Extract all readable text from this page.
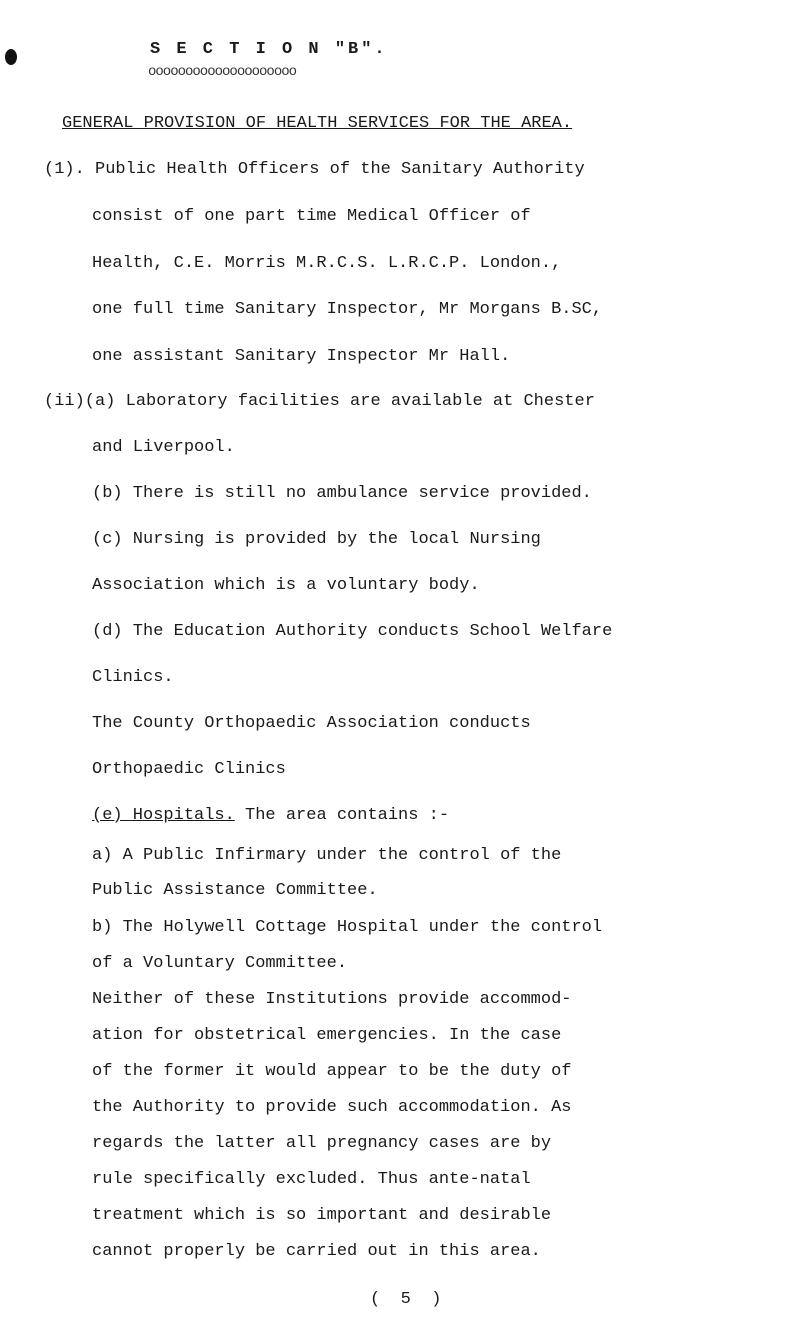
S E C T I O N "B".
oooooooooooooooooooo
GENERAL PROVISION OF HEALTH SERVICES FOR THE AREA.
(1). Public Health Officers of the Sanitary Authority
consist of one part time Medical Officer of
Health, C.E. Morris M.R.C.S. L.R.C.P. London.,
one full time Sanitary Inspector, Mr Morgans B.SC,
one assistant Sanitary Inspector Mr Hall.
(ii)(a) Laboratory facilities are available at Chester
and Liverpool.
(b) There is still no ambulance service provided.
(c) Nursing is provided by the local Nursing
Association which is a voluntary body.
(d) The Education Authority conducts School Welfare
Clinics.
The County Orthopaedic Association conducts
Orthopaedic Clinics
(e) Hospitals. The area contains :-
a) A Public Infirmary under the control of the
Public Assistance Committee.
b) The Holywell Cottage Hospital under the control
of a Voluntary Committee.
Neither of these Institutions provide accommod-
ation for obstetrical emergencies. In the case
of the former it would appear to be the duty of
the Authority to provide such accommodation. As
regards the latter all pregnancy cases are by
rule specifically excluded. Thus ante-natal
treatment which is so important and desirable
cannot properly be carried out in this area.
(  5  )
